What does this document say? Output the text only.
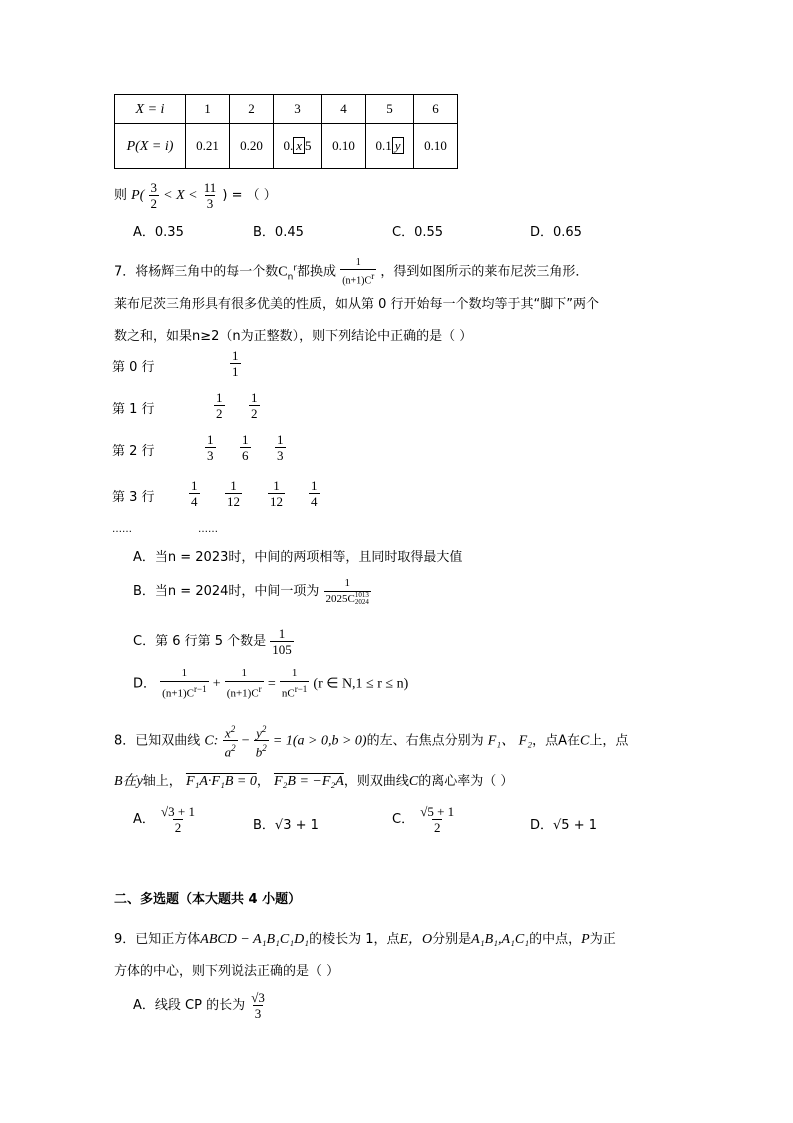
X = i	1	2	3	4	5	6
P(X = i)	0.21	0.20	0. x 5	0.10	0.1 y	0.10
则 $P( \frac{3}{2} < X < \frac{11}{3}$ ) = （ ）
A．0.35	B．0.45	C．0.55	D．0.65
7．将杨辉三角中的每一个数$C_n^r$都换成 $\frac{1}{(n+1)C^r}$ ，得到如图所示的莱布尼茨三角形．
莱布尼茨三角形具有很多优美的性质，如从第 0 行开始每一个数均等于其“脚下”两个
数之和，如果n≥2（n为正整数），则下列结论中正确的是（ ）
第 0 行	$\frac{1}{1}$
第 1 行	$\frac{1}{2} \frac{1}{2}$
第 2 行	$\frac{1}{3} \frac{1}{6} \frac{1}{3}$
第 3 行	$\frac{1}{4} \frac{1}{12} \frac{1}{12} \frac{1}{4}$
……	……
A．当n = 2023时，中间的两项相等，且同时取得最大值
B．当n = 2024时，中间一项为 1
2025C 1013
2024
C．第 6 行第 5 个数是 $\frac{1}{105}$
D． $\frac{1}{(n+1)C^{r-1}} + \frac{1}{(n+1)C^r} = \frac{1}{nC^{r-1}} (r$ ∈ N,1 ≤ r ≤ n)
8．已知双曲线 C: $\frac{x^2}{a^2} - \frac{y^2}{b^2} = 1(a > 0,b > 0)$的左、右焦点分别为 F₁、 F₂，点A在C上，点
B在y轴上， F₁A·F₁B = 0， F₂B = −F₂A，则双曲线C的离心率为（ ）
A． $\frac{√3 + 1}{2}$	B．√3 + 1	C． $\frac{√5 + 1}{2}$	D．√5 + 1
二、多选题（本大题共 4 小题）
9．已知正方体ABCD − A₁B₁C₁D₁的棱长为 1，点E，O分别是A₁B₁,A₁C₁的中点，P为正
方体的中心，则下列说法正确的是（ ）
A．线段 CP 的长为 $\frac{√3}{3}$
